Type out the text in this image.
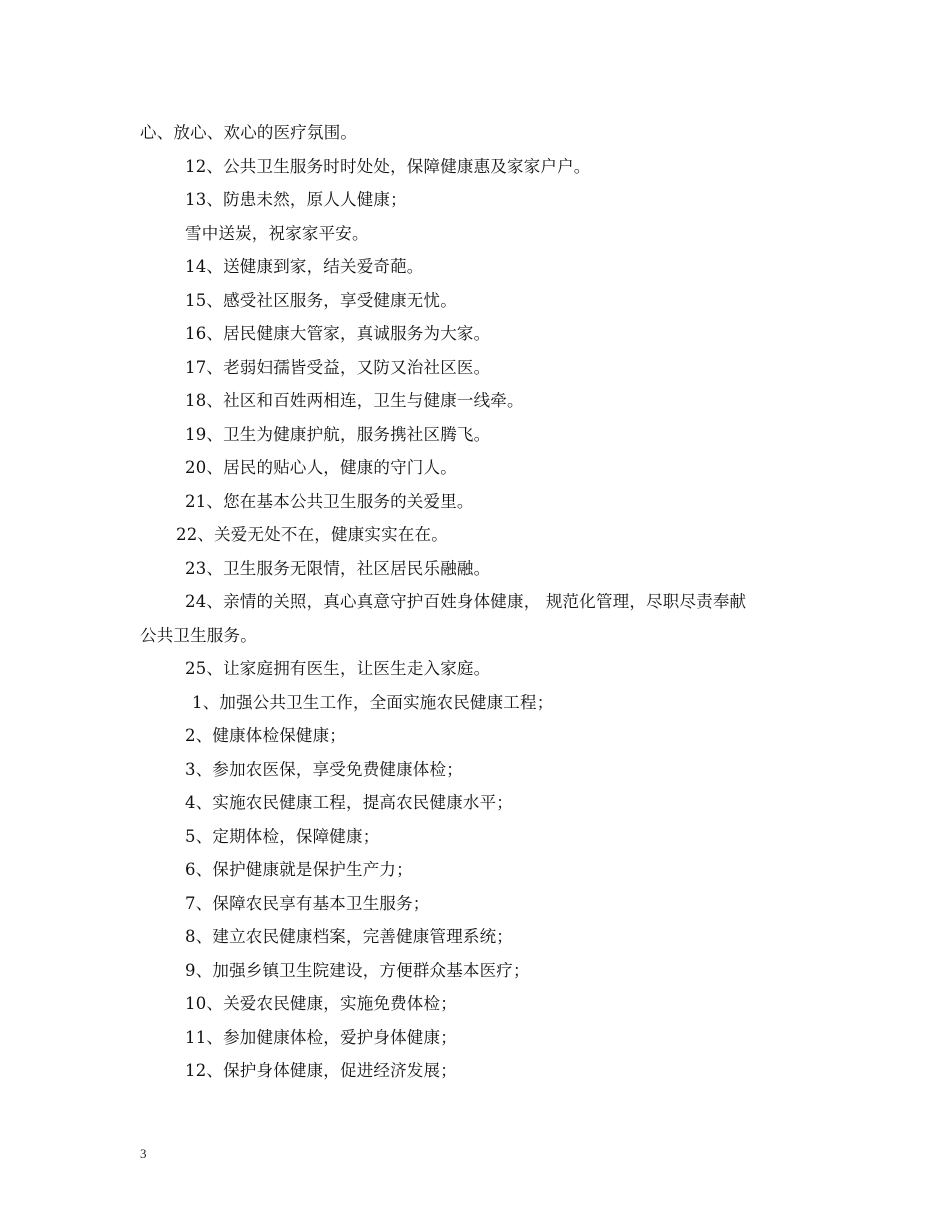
心、放心、欢心的医疗氛围。
12、公共卫生服务时时处处，保障健康惠及家家户户。
13、防患未然，原人人健康；
雪中送炭，祝家家平安。
14、送健康到家，结关爱奇葩。
15、感受社区服务，享受健康无忧。
16、居民健康大管家，真诚服务为大家。
17、老弱妇孺皆受益，又防又治社区医。
18、社区和百姓两相连，卫生与健康一线牵。
19、卫生为健康护航，服务携社区腾飞。
20、居民的贴心人，健康的守门人。
21、您在基本公共卫生服务的关爱里。
22、关爱无处不在，健康实实在在。
23、卫生服务无限情，社区居民乐融融。
24、亲情的关照，真心真意守护百姓身体健康， 规范化管理，尽职尽责奉献
公共卫生服务。
25、让家庭拥有医生，让医生走入家庭。
1、加强公共卫生工作，全面实施农民健康工程；
2、健康体检保健康；
3、参加农医保，享受免费健康体检；
4、实施农民健康工程，提高农民健康水平；
5、定期体检，保障健康；
6、保护健康就是保护生产力；
7、保障农民享有基本卫生服务；
8、建立农民健康档案，完善健康管理系统；
9、加强乡镇卫生院建设，方便群众基本医疗；
10、关爱农民健康，实施免费体检；
11、参加健康体检，爱护身体健康；
12、保护身体健康，促进经济发展；
3
